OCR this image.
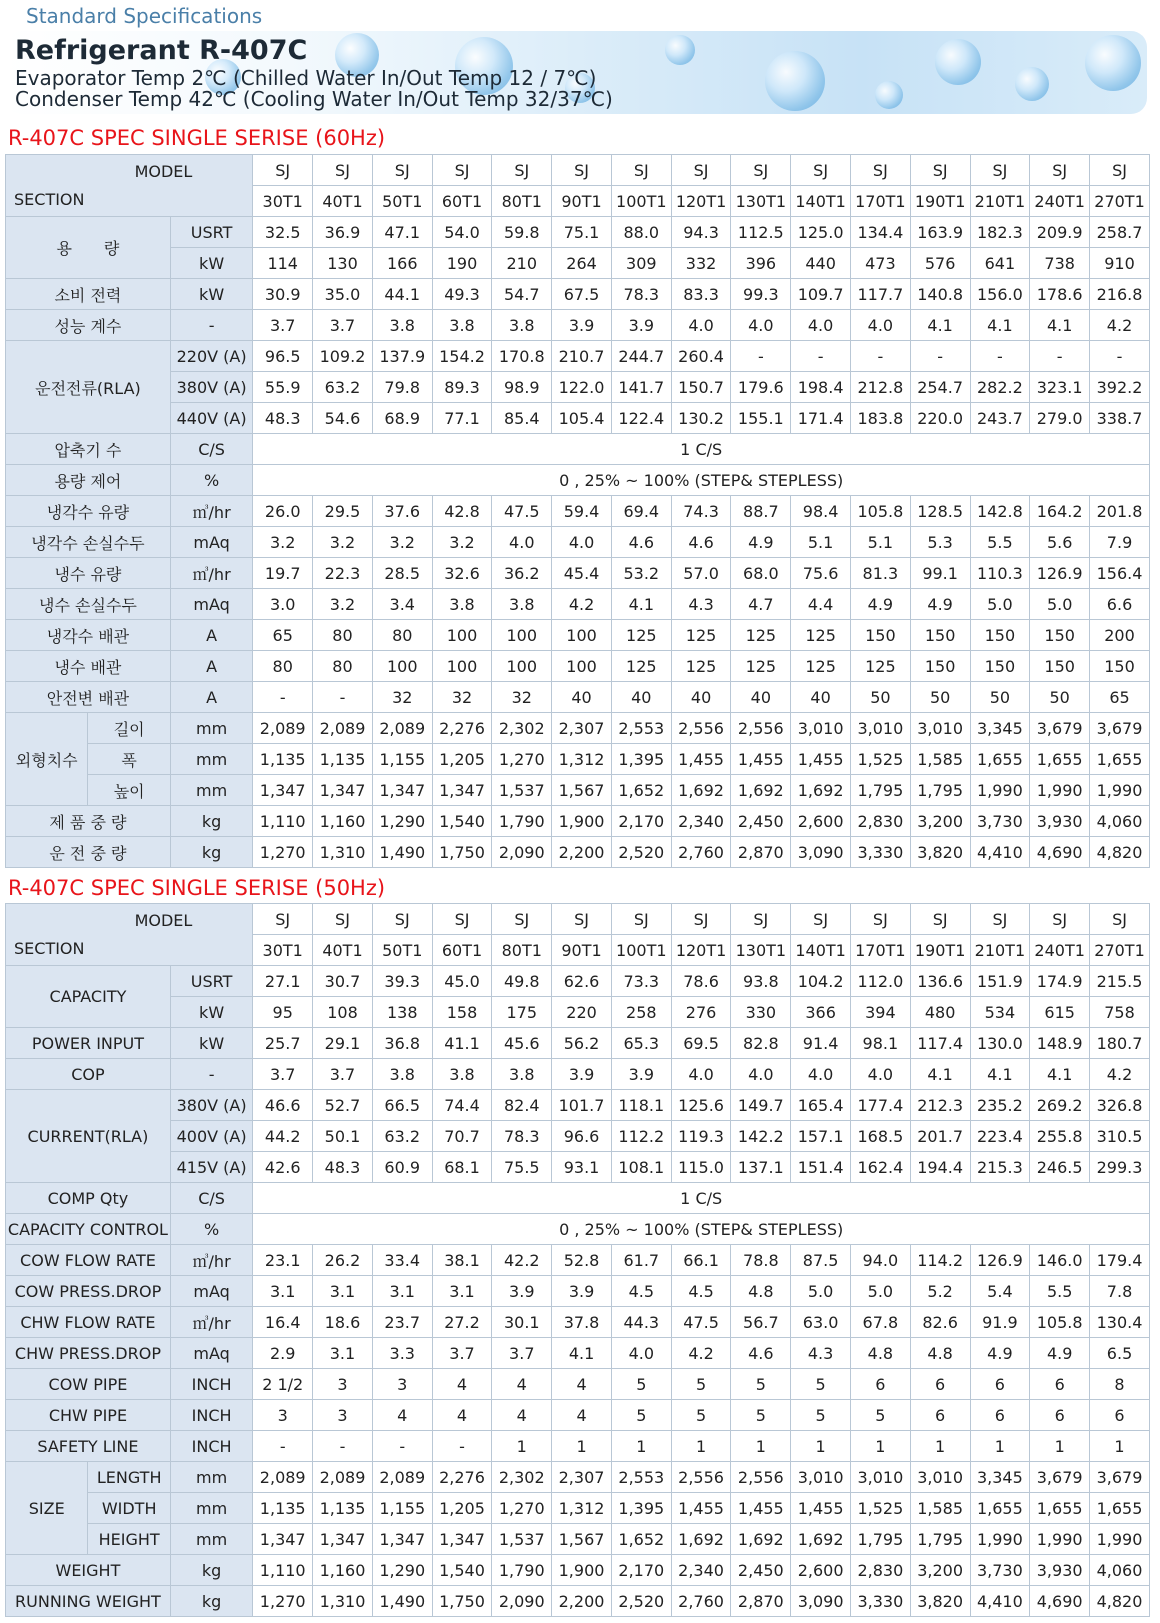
Standard Specifications
Refrigerant R-407C
Evaporator Temp 2℃ (Chilled Water In/Out Temp 12 / 7℃)
Condenser Temp 42℃ (Cooling Water In/Out Temp 32/37℃)
R-407C SPEC SINGLE SERISE (60Hz)
MODEL
SECTION			SJ	SJ	SJ	SJ	SJ	SJ	SJ	SJ	SJ	SJ	SJ	SJ	SJ	SJ	SJ
			30T1	40T1	50T1	60T1	80T1	90T1	100T1	120T1	130T1	140T1	170T1	190T1	210T1	240T1	270T1
용　　량		USRT	32.5	36.9	47.1	54.0	59.8	75.1	88.0	94.3	112.5	125.0	134.4	163.9	182.3	209.9	258.7
		kW	114	130	166	190	210	264	309	332	396	440	473	576	641	738	910
소비 전력		kW	30.9	35.0	44.1	49.3	54.7	67.5	78.3	83.3	99.3	109.7	117.7	140.8	156.0	178.6	216.8
성능 계수		-	3.7	3.7	3.8	3.8	3.8	3.9	3.9	4.0	4.0	4.0	4.0	4.1	4.1	4.1	4.2
운전전류(RLA)		220V (A)	96.5	109.2	137.9	154.2	170.8	210.7	244.7	260.4	-	-	-	-	-	-	-
		380V (A)	55.9	63.2	79.8	89.3	98.9	122.0	141.7	150.7	179.6	198.4	212.8	254.7	282.2	323.1	392.2
		440V (A)	48.3	54.6	68.9	77.1	85.4	105.4	122.4	130.2	155.1	171.4	183.8	220.0	243.7	279.0	338.7
압축기 수		C/S	1 C/S														
용량 제어		%	0 , 25% ~ 100% (STEP& STEPLESS)														
냉각수 유량		㎥/hr	26.0	29.5	37.6	42.8	47.5	59.4	69.4	74.3	88.7	98.4	105.8	128.5	142.8	164.2	201.8
냉각수 손실수두		mAq	3.2	3.2	3.2	3.2	4.0	4.0	4.6	4.6	4.9	5.1	5.1	5.3	5.5	5.6	7.9
냉수 유량		㎥/hr	19.7	22.3	28.5	32.6	36.2	45.4	53.2	57.0	68.0	75.6	81.3	99.1	110.3	126.9	156.4
냉수 손실수두		mAq	3.0	3.2	3.4	3.8	3.8	4.2	4.1	4.3	4.7	4.4	4.9	4.9	5.0	5.0	6.6
냉각수 배관		A	65	80	80	100	100	100	125	125	125	125	150	150	150	150	200
냉수 배관		A	80	80	100	100	100	100	125	125	125	125	125	150	150	150	150
안전변 배관		A	-	-	32	32	32	40	40	40	40	40	50	50	50	50	65
외형치수	길이	mm	2,089	2,089	2,089	2,276	2,302	2,307	2,553	2,556	2,556	3,010	3,010	3,010	3,345	3,679	3,679
	폭	mm	1,135	1,135	1,155	1,205	1,270	1,312	1,395	1,455	1,455	1,455	1,525	1,585	1,655	1,655	1,655
	높이	mm	1,347	1,347	1,347	1,347	1,537	1,567	1,652	1,692	1,692	1,692	1,795	1,795	1,990	1,990	1,990
제 품 중 량		kg	1,110	1,160	1,290	1,540	1,790	1,900	2,170	2,340	2,450	2,600	2,830	3,200	3,730	3,930	4,060
운 전 중 량		kg	1,270	1,310	1,490	1,750	2,090	2,200	2,520	2,760	2,870	3,090	3,330	3,820	4,410	4,690	4,820
R-407C SPEC SINGLE SERISE (50Hz)
MODEL
SECTION			SJ	SJ	SJ	SJ	SJ	SJ	SJ	SJ	SJ	SJ	SJ	SJ	SJ	SJ	SJ
			30T1	40T1	50T1	60T1	80T1	90T1	100T1	120T1	130T1	140T1	170T1	190T1	210T1	240T1	270T1
CAPACITY		USRT	27.1	30.7	39.3	45.0	49.8	62.6	73.3	78.6	93.8	104.2	112.0	136.6	151.9	174.9	215.5
		kW	95	108	138	158	175	220	258	276	330	366	394	480	534	615	758
POWER INPUT		kW	25.7	29.1	36.8	41.1	45.6	56.2	65.3	69.5	82.8	91.4	98.1	117.4	130.0	148.9	180.7
COP		-	3.7	3.7	3.8	3.8	3.8	3.9	3.9	4.0	4.0	4.0	4.0	4.1	4.1	4.1	4.2
CURRENT(RLA)		380V (A)	46.6	52.7	66.5	74.4	82.4	101.7	118.1	125.6	149.7	165.4	177.4	212.3	235.2	269.2	326.8
		400V (A)	44.2	50.1	63.2	70.7	78.3	96.6	112.2	119.3	142.2	157.1	168.5	201.7	223.4	255.8	310.5
		415V (A)	42.6	48.3	60.9	68.1	75.5	93.1	108.1	115.0	137.1	151.4	162.4	194.4	215.3	246.5	299.3
COMP Qty		C/S	1 C/S														
CAPACITY CONTROL		%	0 , 25% ~ 100% (STEP& STEPLESS)														
COW FLOW RATE		㎥/hr	23.1	26.2	33.4	38.1	42.2	52.8	61.7	66.1	78.8	87.5	94.0	114.2	126.9	146.0	179.4
COW PRESS.DROP		mAq	3.1	3.1	3.1	3.1	3.9	3.9	4.5	4.5	4.8	5.0	5.0	5.2	5.4	5.5	7.8
CHW FLOW RATE		㎥/hr	16.4	18.6	23.7	27.2	30.1	37.8	44.3	47.5	56.7	63.0	67.8	82.6	91.9	105.8	130.4
CHW PRESS.DROP		mAq	2.9	3.1	3.3	3.7	3.7	4.1	4.0	4.2	4.6	4.3	4.8	4.8	4.9	4.9	6.5
COW PIPE		INCH	2 1/2	3	3	4	4	4	5	5	5	5	6	6	6	6	8
CHW PIPE		INCH	3	3	4	4	4	4	5	5	5	5	5	6	6	6	6
SAFETY LINE		INCH	-	-	-	-	1	1	1	1	1	1	1	1	1	1	1
SIZE	LENGTH	mm	2,089	2,089	2,089	2,276	2,302	2,307	2,553	2,556	2,556	3,010	3,010	3,010	3,345	3,679	3,679
	WIDTH	mm	1,135	1,135	1,155	1,205	1,270	1,312	1,395	1,455	1,455	1,455	1,525	1,585	1,655	1,655	1,655
	HEIGHT	mm	1,347	1,347	1,347	1,347	1,537	1,567	1,652	1,692	1,692	1,692	1,795	1,795	1,990	1,990	1,990
WEIGHT		kg	1,110	1,160	1,290	1,540	1,790	1,900	2,170	2,340	2,450	2,600	2,830	3,200	3,730	3,930	4,060
RUNNING WEIGHT		kg	1,270	1,310	1,490	1,750	2,090	2,200	2,520	2,760	2,870	3,090	3,330	3,820	4,410	4,690	4,820
